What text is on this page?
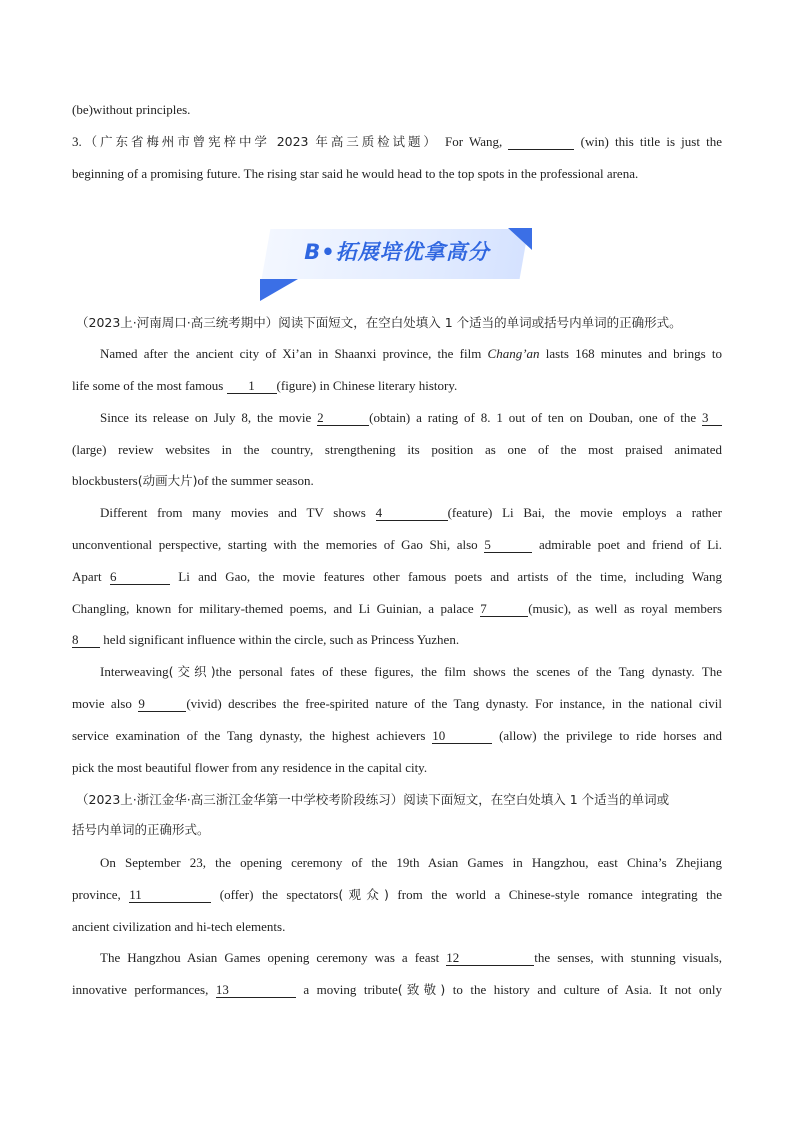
(be)without principles.
3.（广东省梅州市曾宪梓中学 2023 年高三质检试题） For Wang,	(win) this title is just the
beginning of a promising future. The rising star said he would head to the top spots in the professional arena.
B•拓展培优拿高分
（2023上·河南周口·高三统考期中）阅读下面短文，在空白处填入 1 个适当的单词或括号内单词的正确形式。
Named after the ancient city of Xi’an in Shaanxi province, the film Chang’an lasts 168 minutes and brings to
life some of the most famous 1 (figure) in Chinese literary history.
Since its release on July 8, the movie 2	(obtain) a rating of 8. 1 out of ten on Douban, one of the 3
(large) review websites in the country, strengthening its position as one of the most praised animated
blockbusters(动画大片)of the summer season.
Different from many movies and TV shows 4	(feature) Li Bai, the movie employs a rather
unconventional perspective, starting with the memories of Gao Shi, also 5	admirable poet and friend of Li.
Apart 6	Li and Gao, the movie features other famous poets and artists of the time, including Wang
Changling, known for military-themed poems, and Li Guinian, a palace 7	(music), as well as royal members
8 held significant influence within the circle, such as Princess Yuzhen.
Interweaving(交织)the personal fates of these figures, the film shows the scenes of the Tang dynasty. The
movie also 9	(vivid) describes the free-spirited nature of the Tang dynasty. For instance, in the national civil
service examination of the Tang dynasty, the highest achievers 10	(allow) the privilege to ride horses and
pick the most beautiful flower from any residence in the capital city.
（2023上·浙江金华·高三浙江金华第一中学校考阶段练习）阅读下面短文，在空白处填入 1 个适当的单词或
括号内单词的正确形式。
On September 23, the opening ceremony of the 19th Asian Games in Hangzhou, east China’s Zhejiang
province, 11	(offer) the spectators(观众) from the world a Chinese-style romance integrating the
ancient civilization and hi-tech elements.
The Hangzhou Asian Games opening ceremony was a feast 12	the senses, with stunning visuals,
innovative performances, 13	a moving tribute(致敬) to the history and culture of Asia. It not only
